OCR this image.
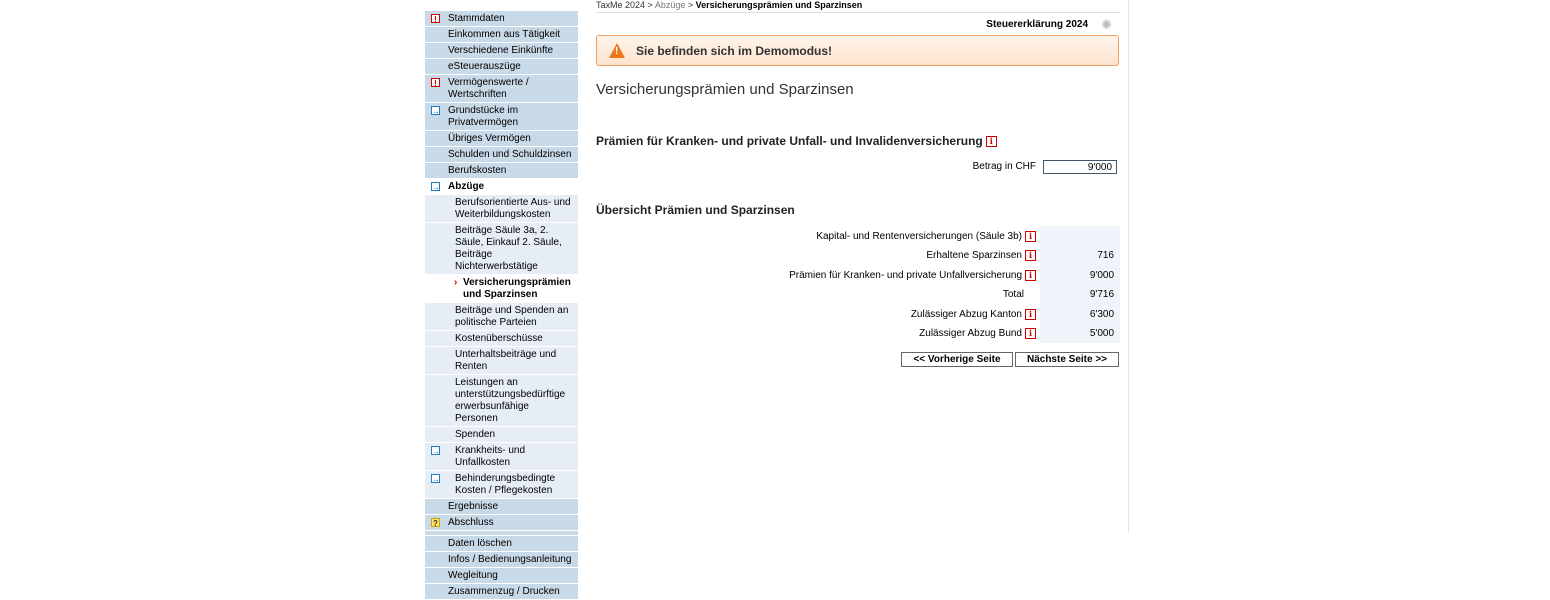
!	Stammdaten
Einkommen aus Tätigkeit
Verschiedene Einkünfte
eSteuerauszüge
!	Vermögenswerte / Wertschriften
→ Grundstücke im Privatvermögen
Übriges Vermögen
Schulden und Schuldzinsen
Berufskosten
→ Abzüge
Berufsorientierte Aus- und Weiterbildungskosten
Beiträge Säule 3a, 2. Säule, Einkauf 2. Säule, Beiträge Nichterwerbstätige
› Versicherungsprämien und Sparzinsen
Beiträge und Spenden an politische Parteien
Kostenüberschüsse
Unterhaltsbeiträge und Renten
Leistungen an unterstützungsbedürftige erwerbsunfähige Personen
Spenden
→ Krankheits- und Unfallkosten
→ Behinderungsbedingte Kosten / Pflegekosten
Ergebnisse
? Abschluss
Daten löschen
Infos / Bedienungsanleitung
Wegleitung
Zusammenzug / Drucken
TaxMe 2024 > Abzüge > Versicherungsprämien und Sparzinsen
Steuererklärung 2024 ✺
! Sie befinden sich im Demomodus!
Versicherungsprämien und Sparzinsen
Prämien für Kranken- und private Unfall- und Invalidenversicherung i
Betrag in CHF	9'000
Übersicht Prämien und Sparzinsen
Kapital- und Rentenversicherungen (Säule 3b) i
Erhaltene Sparzinsen i	716
Prämien für Kranken- und private Unfallversicherung i	9'000
Total	9'716
Zulässiger Abzug Kanton i	6'300
Zulässiger Abzug Bund i	5'000
<< Vorherige Seite	Nächste Seite >>
